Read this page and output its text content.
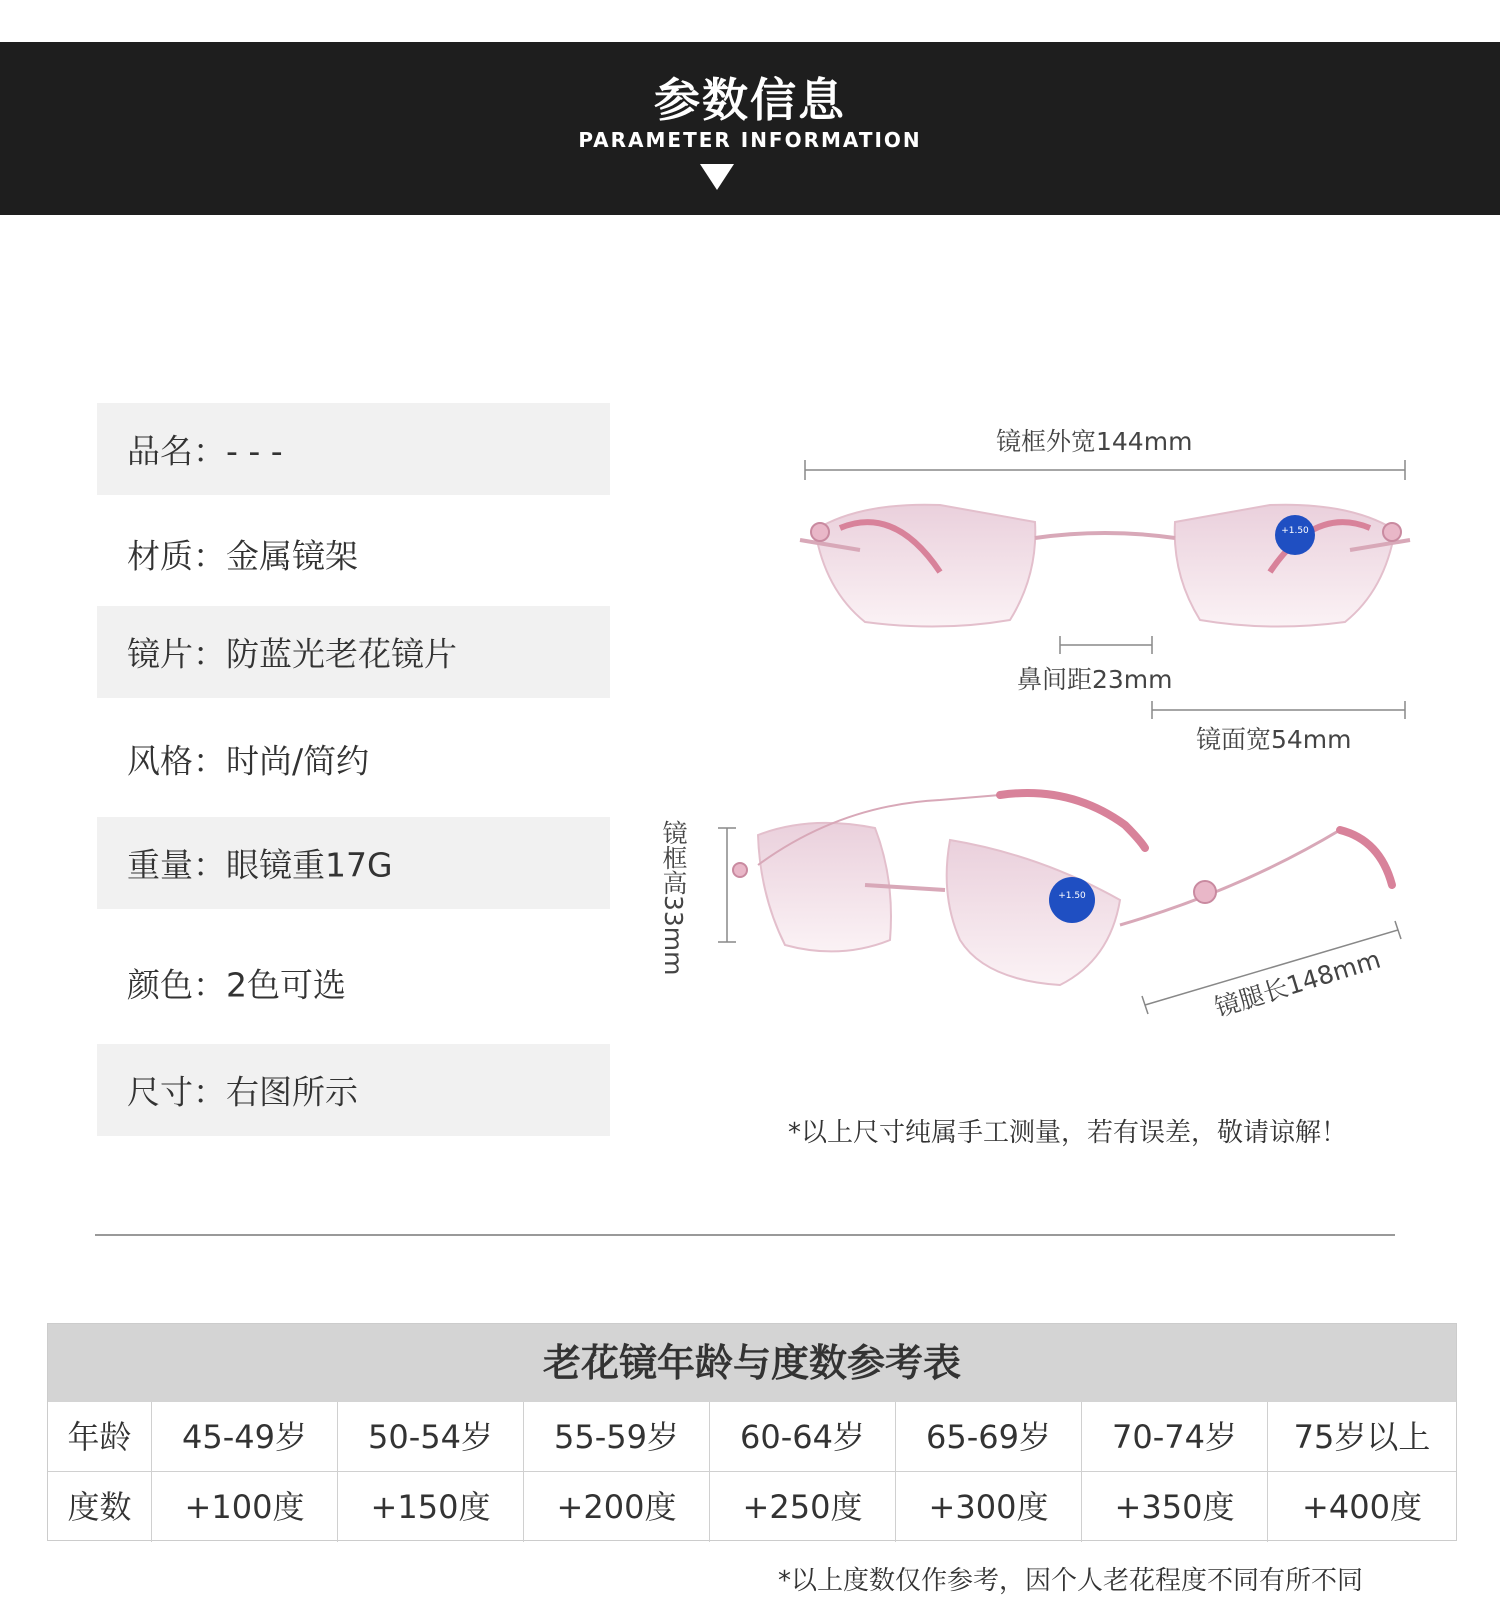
参数信息
PARAMETER INFORMATION
品名：- - -
材质：金属镜架
镜片：防蓝光老花镜片
风格：时尚/简约
重量：眼镜重17G
颜色：2色可选
尺寸：右图所示
+1.50
+1.50
镜框外宽144mm
鼻间距23mm
镜面宽54mm
镜框高33mm
镜腿长148mm
*以上尺寸纯属手工测量，若有误差，敬请谅解！
老花镜年龄与度数参考表
年龄	45-49岁	50-54岁	55-59岁	60-64岁	65-69岁	70-74岁	75岁以上
度数	+100度	+150度	+200度	+250度	+300度	+350度	+400度
*以上度数仅作参考，因个人老花程度不同有所不同
